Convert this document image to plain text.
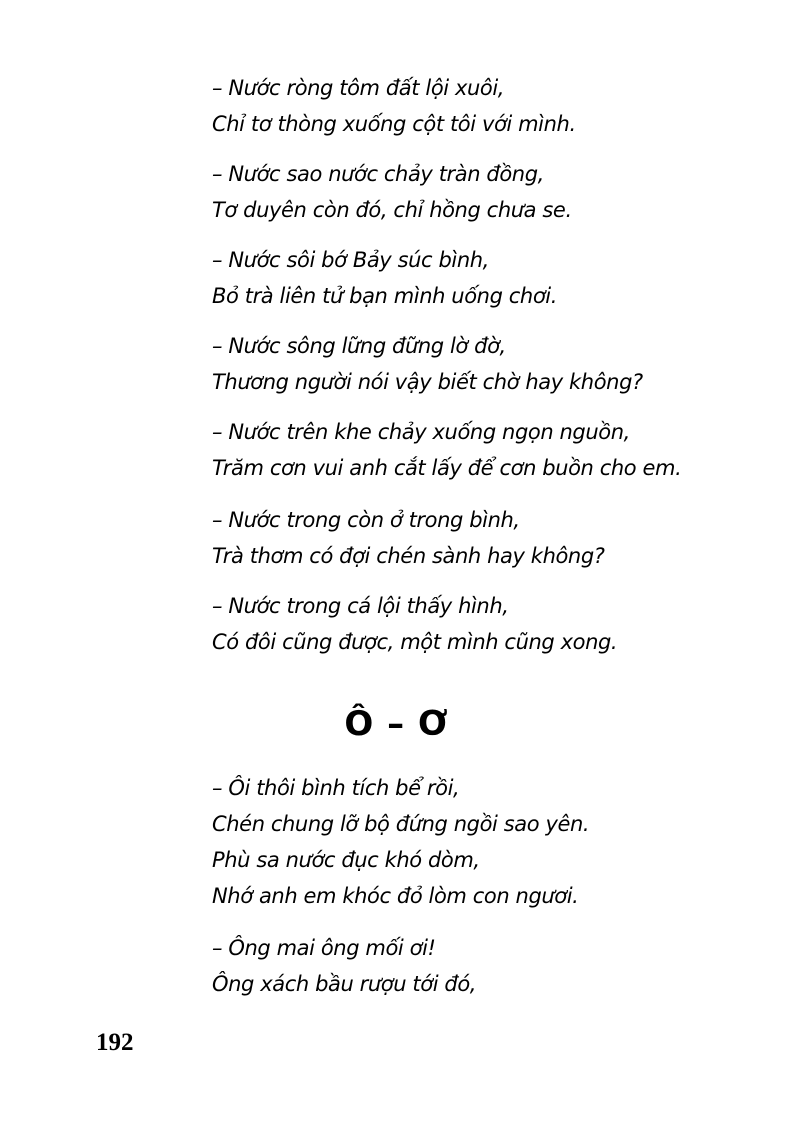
– Nước ròng tôm đất lội xuôi,
Chỉ tơ thòng xuống cột tôi với mình.
– Nước sao nước chảy tràn đồng,
Tơ duyên còn đó, chỉ hồng chưa se.
– Nước sôi bớ Bảy súc bình,
Bỏ trà liên tử bạn mình uống chơi.
– Nước sông lững đững lờ đờ,
Thương người nói vậy biết chờ hay không?
– Nước trên khe chảy xuống ngọn nguồn,
Trăm cơn vui anh cắt lấy để cơn buồn cho em.
– Nước trong còn ở trong bình,
Trà thơm có đợi chén sành hay không?
– Nước trong cá lội thấy hình,
Có đôi cũng được, một mình cũng xong.
– Ôi thôi bình tích bể rồi,
Chén chung lỡ bộ đứng ngồi sao yên.
Phù sa nước đục khó dòm,
Nhớ anh em khóc đỏ lòm con ngươi.
– Ông mai ông mối ơi!
Ông xách bầu rượu tới đó,
Ô – Ơ
192
